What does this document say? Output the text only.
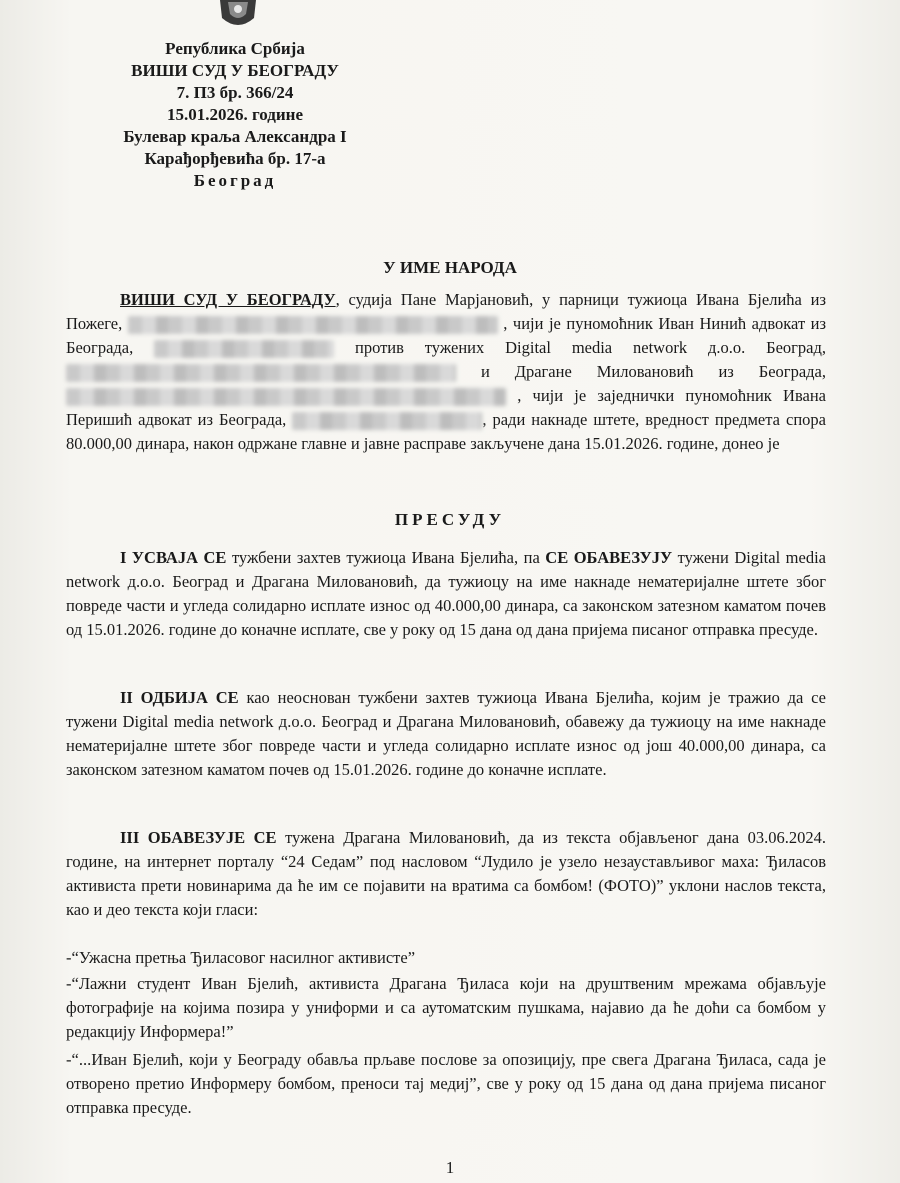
Република Србија
ВИШИ СУД У БЕОГРАДУ
7. П3 бр. 366/24
15.01.2026. године
Булевар краља Александра I
Карађорђевића бр. 17-а
Београд
У ИМЕ НАРОДА
ВИШИ СУД У БЕОГРАДУ, судија Пане Марјановић, у парници тужиоца Ивана Бјелића из Пожеге,	, чији је пуномоћник Иван Нинић адвокат из Београда,	против тужених Digital media network д.о.о. Београд,  и Драгане Миловановић из Београда,  , чији је заједнички пуномоћник Ивана Перишић адвокат из Београда,	, ради накнаде штете, вредност предмета спора 80.000,00 динара, након одржане главне и јавне расправе закључене дана 15.01.2026. године, донео је
ПРЕСУДУ
I УСВАЈА СЕ тужбени захтев тужиоца Ивана Бјелића, па СЕ ОБАВЕЗУЈУ тужени Digital media network д.о.о. Београд и Драгана Миловановић, да тужиоцу на име накнаде нематеријалне штете због повреде части и угледа солидарно исплате износ од 40.000,00 динара, са законском затезном каматом почев од 15.01.2026. године до коначне исплате, све у року од 15 дана од дана пријема писаног отправка пресуде.
II ОДБИЈА СЕ као неоснован тужбени захтев тужиоца Ивана Бјелића, којим је тражио да се тужени Digital media network д.о.о. Београд и Драгана Миловановић, обавежу да тужиоцу на име накнаде нематеријалне штете због повреде части и угледа солидарно исплате износ од још 40.000,00 динара, са законском затезном каматом почев од 15.01.2026. године до коначне исплате.
III ОБАВЕЗУЈЕ СЕ тужена Драгана Миловановић, да из текста објављеног дана 03.06.2024. године, на интернет порталу “24 Седам” под насловом “Лудило је узело незаустављивог маха: Ђиласов активиста прети новинарима да ће им се појавити на вратима са бомбом! (ФОТО)” уклони наслов текста, као и део текста који гласи:
-“Ужасна претња Ђиласовог насилног активисте”
-“Лажни студент Иван Бјелић, активиста Драгана Ђиласа који на друштвеним мрежама објављује фотографије на којима позира у униформи и са аутоматским пушкама, најавио да ће доћи са бомбом у редакцију Информера!”
-“...Иван Бјелић, који у Београду обавља прљаве послове за опозицију, пре свега Драгана Ђиласа, сада је отворено претио Информеру бомбом, преноси тај медиј”, све у року од 15 дана од дана пријема писаног отправка пресуде.
1
